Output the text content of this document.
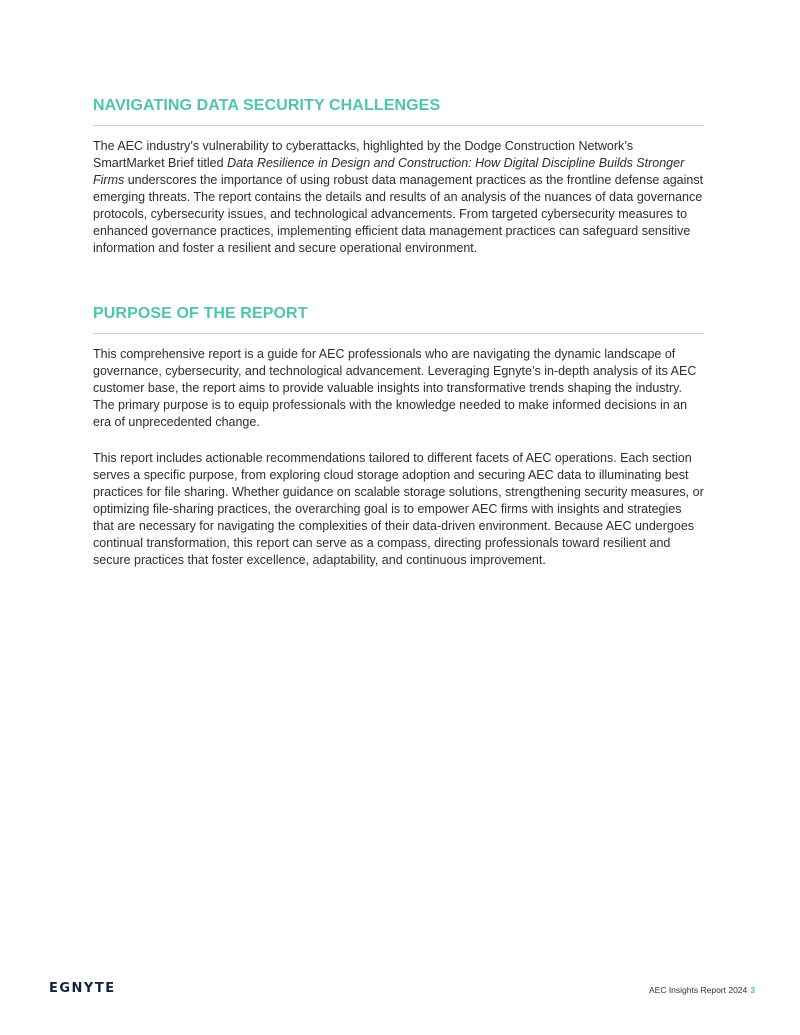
NAVIGATING DATA SECURITY CHALLENGES

The AEC industry’s vulnerability to cyberattacks, highlighted by the Dodge Construction Network’s SmartMarket Brief titled Data Resilience in Design and Construction: How Digital Discipline Builds Stronger Firms underscores the importance of using robust data management practices as the frontline defense against emerging threats. The report contains the details and results of an analysis of the nuances of data governance protocols, cybersecurity issues, and technological advancements. From targeted cybersecurity measures to enhanced governance practices, implementing efficient data management practices can safeguard sensitive information and foster a resilient and secure operational environment.

PURPOSE OF THE REPORT

This comprehensive report is a guide for AEC professionals who are navigating the dynamic landscape of governance, cybersecurity, and technological advancement. Leveraging Egnyte’s in-depth analysis of its AEC customer base, the report aims to provide valuable insights into transformative trends shaping the industry. The primary purpose is to equip professionals with the knowledge needed to make informed decisions in an era of unprecedented change.

This report includes actionable recommendations tailored to different facets of AEC operations. Each section serves a specific purpose, from exploring cloud storage adoption and securing AEC data to illuminating best practices for file sharing. Whether guidance on scalable storage solutions, strengthening security measures, or optimizing file-sharing practices, the overarching goal is to empower AEC firms with insights and strategies that are necessary for navigating the complexities of their data-driven environment. Because AEC undergoes continual transformation, this report can serve as a compass, directing professionals toward resilient and secure practices that foster excellence, adaptability, and continuous improvement.

EGNYTE	AEC Insights Report 2024 3
